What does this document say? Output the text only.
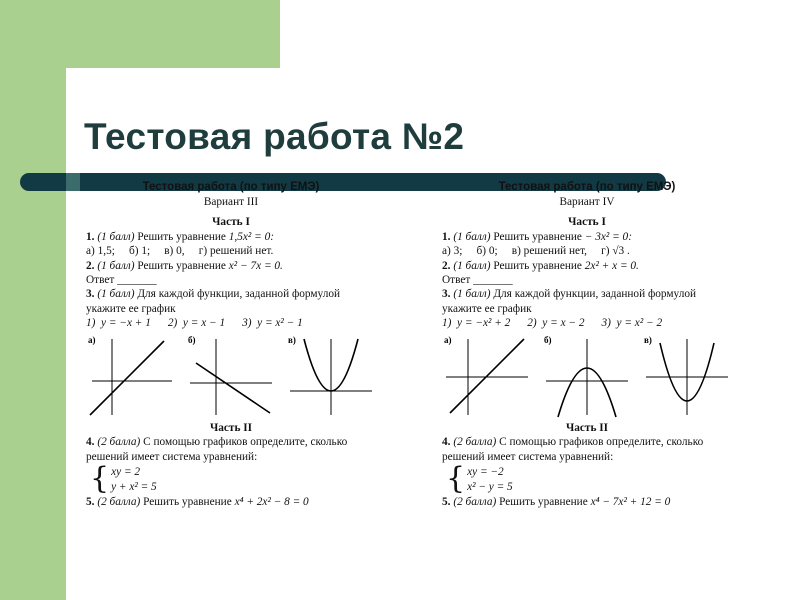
Тестовая работа №2
Тестовая работа (по типу ЕМЭ)
Вариант III
Часть I

1. (1 балл) Решить уравнение 1,5x² = 0:

а) 1,5;     б) 1;     в) 0,     г) решений нет.

2. (1 балл) Решить уравнение x² − 7x = 0.

Ответ _______

3. (1 балл) Для каждой функции, заданной формулой укажите ее график

1)  y = −x + 1      2)  y = x − 1      3)  y = x² − 1

а)	б)	в)
Часть II

4. (2 балла) С помощью графиков определите, сколько решений имеет система уравнений:

{ xy = 2
y + x² = 5

5. (2 балла) Решить уравнение x⁴ + 2x² − 8 = 0

Тестовая работа (по типу ЕМЭ)
Вариант IV
Часть I

1. (1 балл) Решить уравнение − 3x² = 0:

а) 3;     б) 0;     в) решений нет,     г) √3 .

2. (1 балл) Решить уравнение 2x² + x = 0.

Ответ _______

3. (1 балл) Для каждой функции, заданной формулой укажите ее график

1)  y = −x² + 2      2)  y = x − 2      3)  y = x² − 2

а)	б)	в)
Часть II

4. (2 балла) С помощью графиков определите, сколько решений имеет система уравнений:

{ xy = −2
x² − y = 5

5. (2 балла) Решить уравнение x⁴ − 7x² + 12 = 0
